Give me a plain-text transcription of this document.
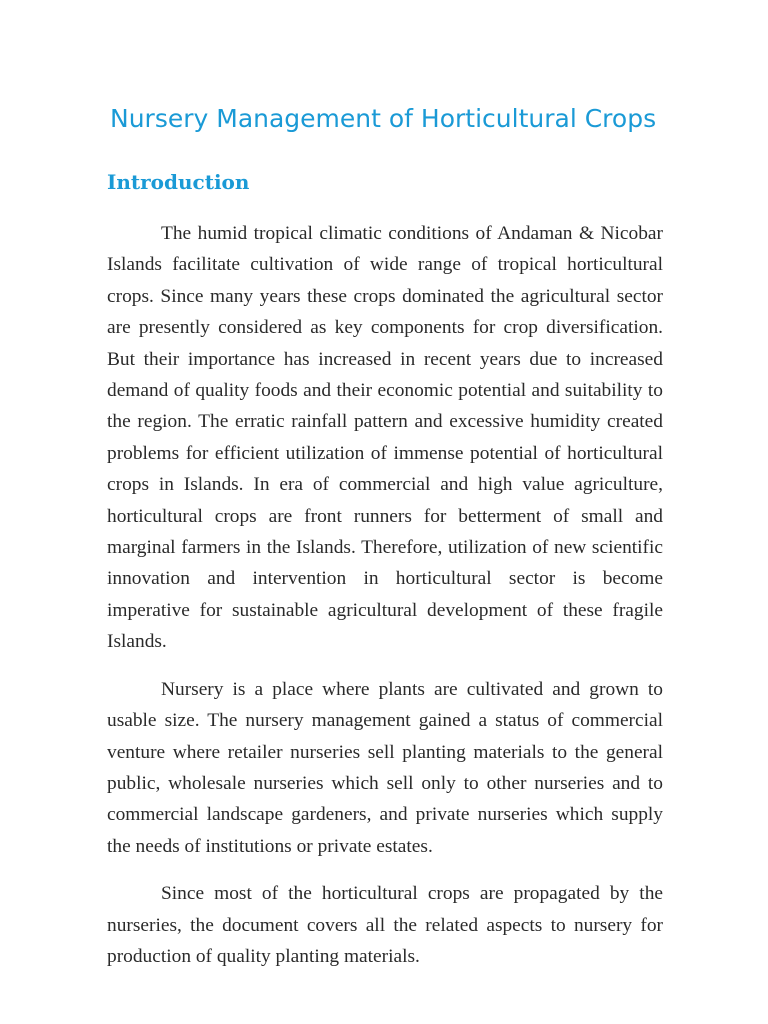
Nursery Management of Horticultural Crops
Introduction

The humid tropical climatic conditions of Andaman & Nicobar Islands facilitate cultivation of wide range of tropical horticultural crops. Since many years these crops dominated the agricultural sector are presently considered as key components for crop diversification. But their importance has increased in recent years due to increased demand of quality foods and their economic potential and suitability to the region. The erratic rainfall pattern and excessive humidity created problems for efficient utilization of immense potential of horticultural crops in Islands. In era of commercial and high value agriculture, horticultural crops are front runners for betterment of small and marginal farmers in the Islands. Therefore, utilization of new scientific innovation and intervention in horticultural sector is become imperative for sustainable agricultural development of these fragile Islands.

Nursery is a place where plants are cultivated and grown to usable size. The nursery management gained a status of commercial venture where retailer nurseries sell planting materials to the general public, wholesale nurseries which sell only to other nurseries and to commercial landscape gardeners, and private nurseries which supply the needs of institutions or private estates.

Since most of the horticultural crops are propagated by the nurseries, the document covers all the related aspects to nursery for production of quality planting materials.
